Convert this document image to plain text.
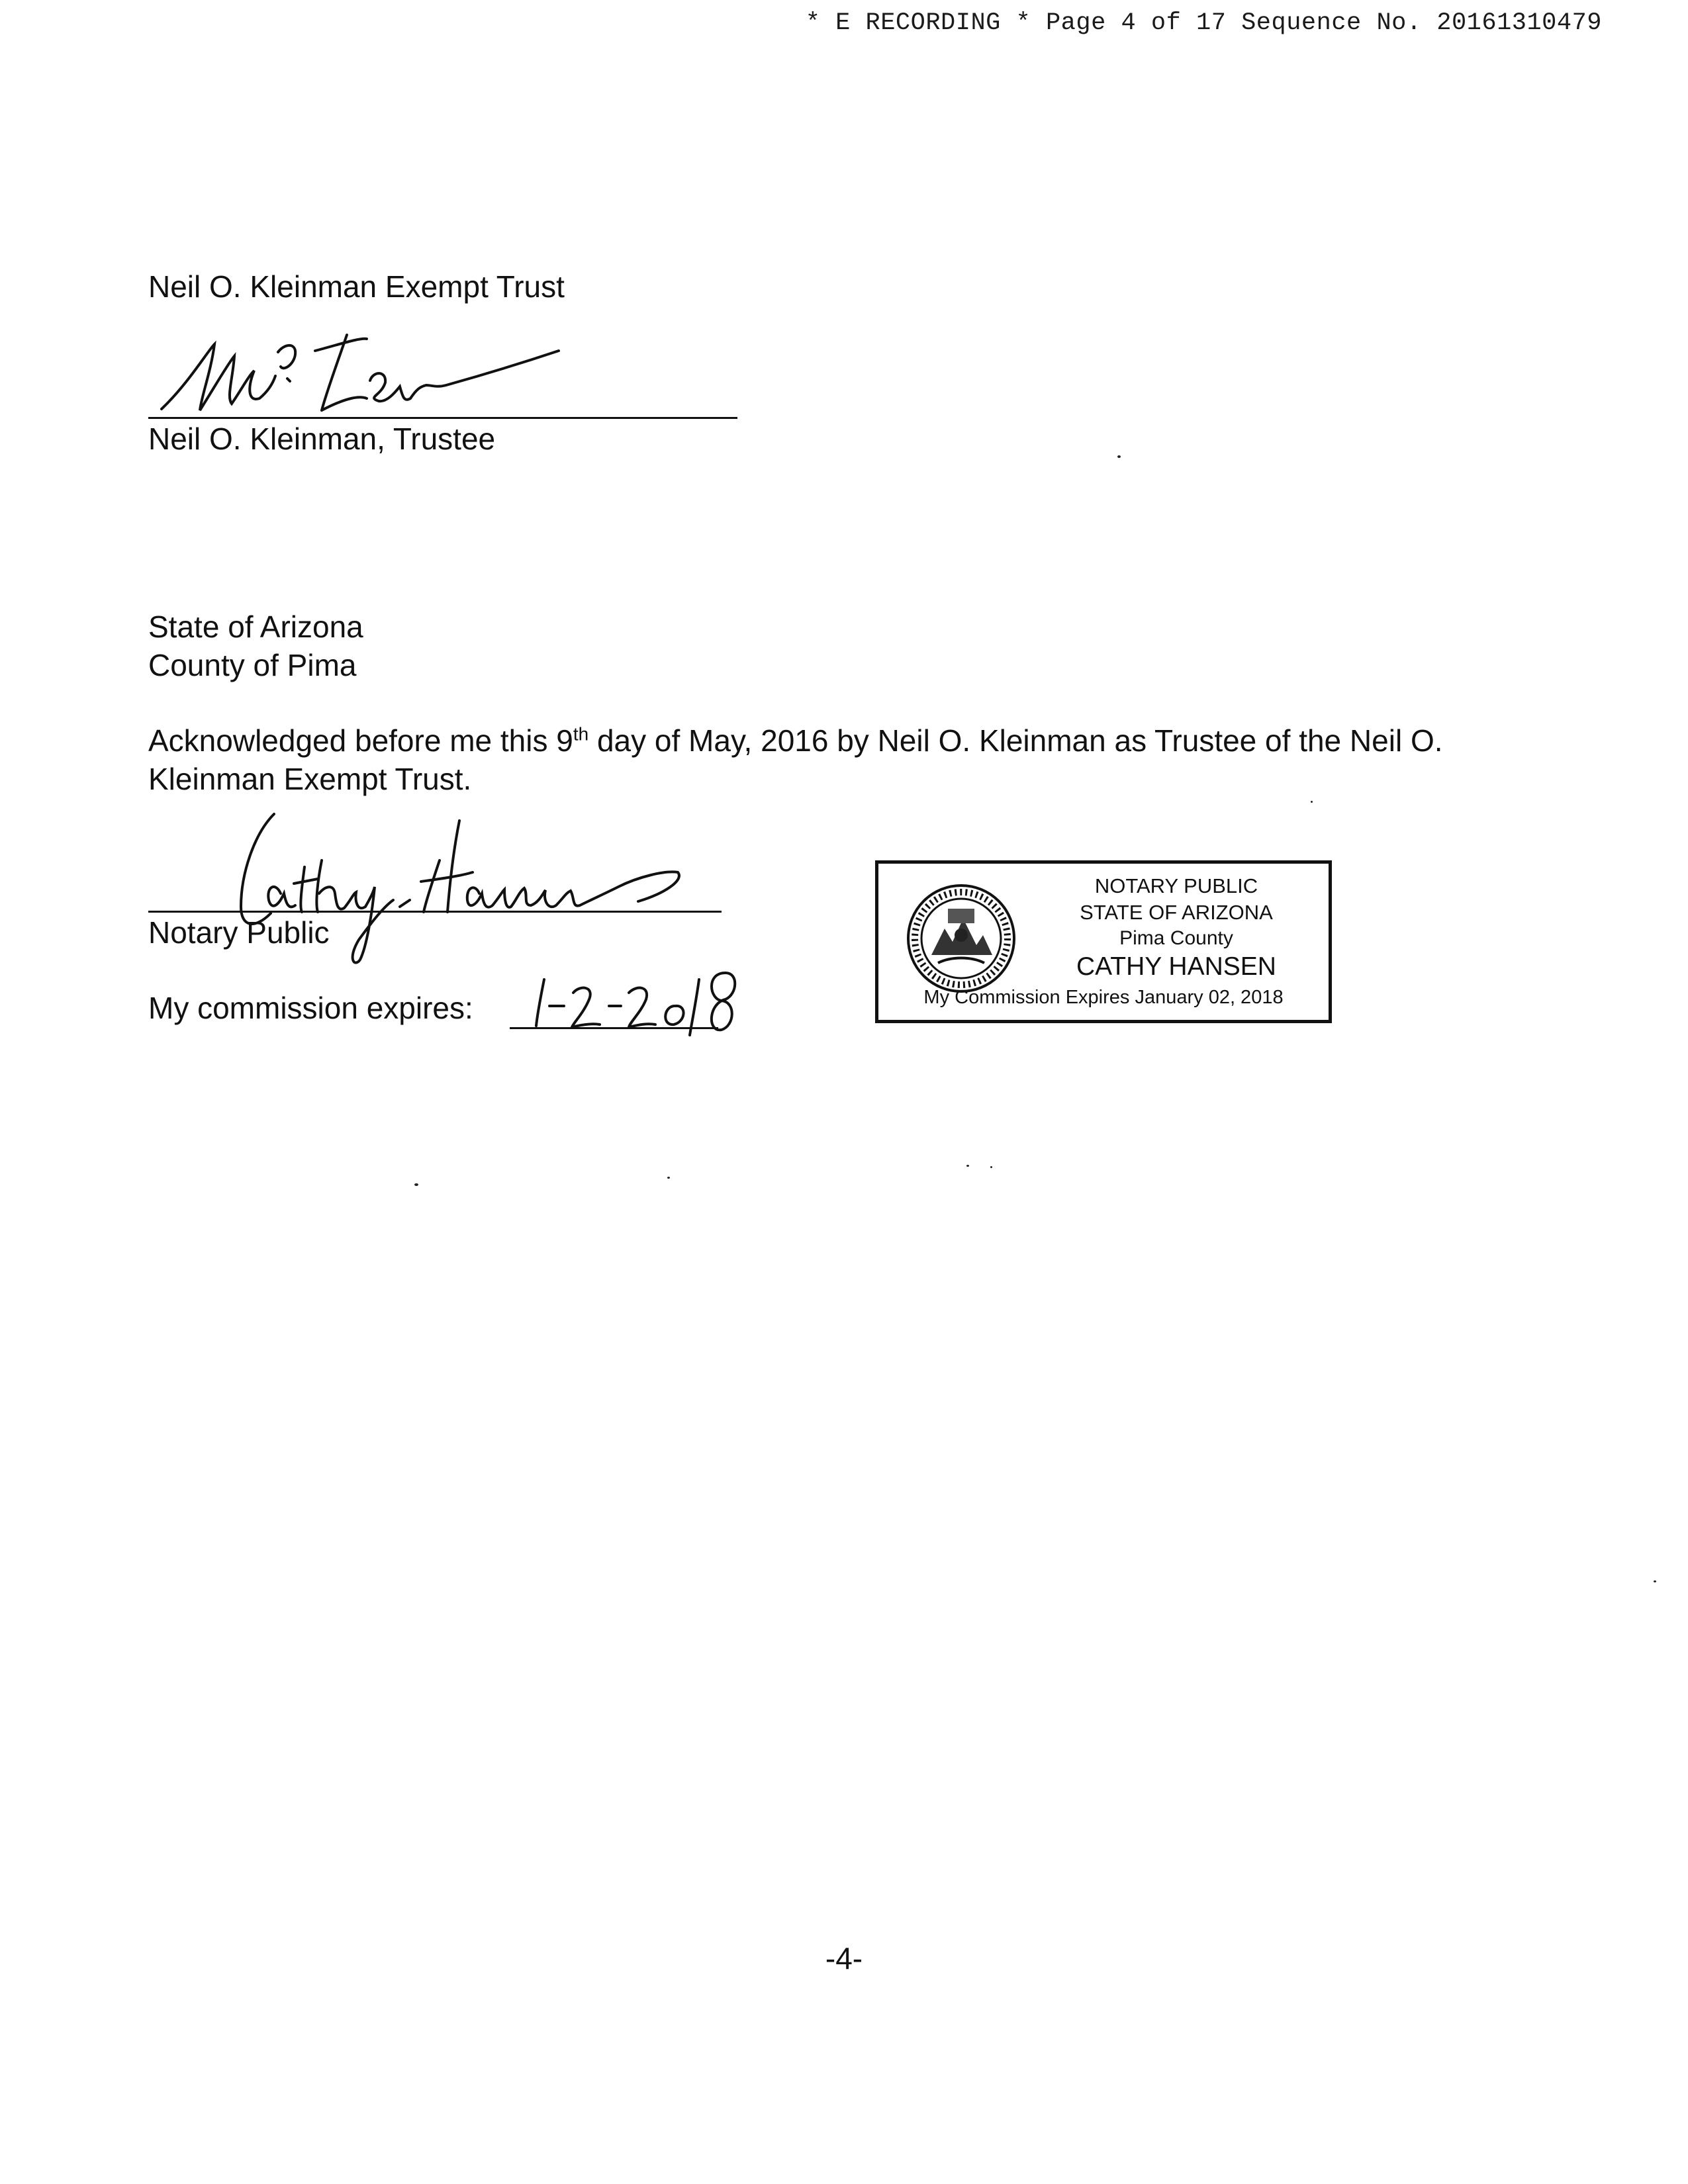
* E RECORDING * Page 4 of 17 Sequence No. 20161310479
Neil O. Kleinman Exempt Trust
Neil O. Kleinman, Trustee
State of Arizona
County of Pima
Acknowledged before me this 9th day of May, 2016 by Neil O. Kleinman as Trustee of the Neil O. Kleinman Exempt Trust.
Notary Public
My commission expires:
NOTARY PUBLIC
STATE OF ARIZONA
Pima County
CATHY HANSEN
My Commission Expires January 02, 2018
-4-
